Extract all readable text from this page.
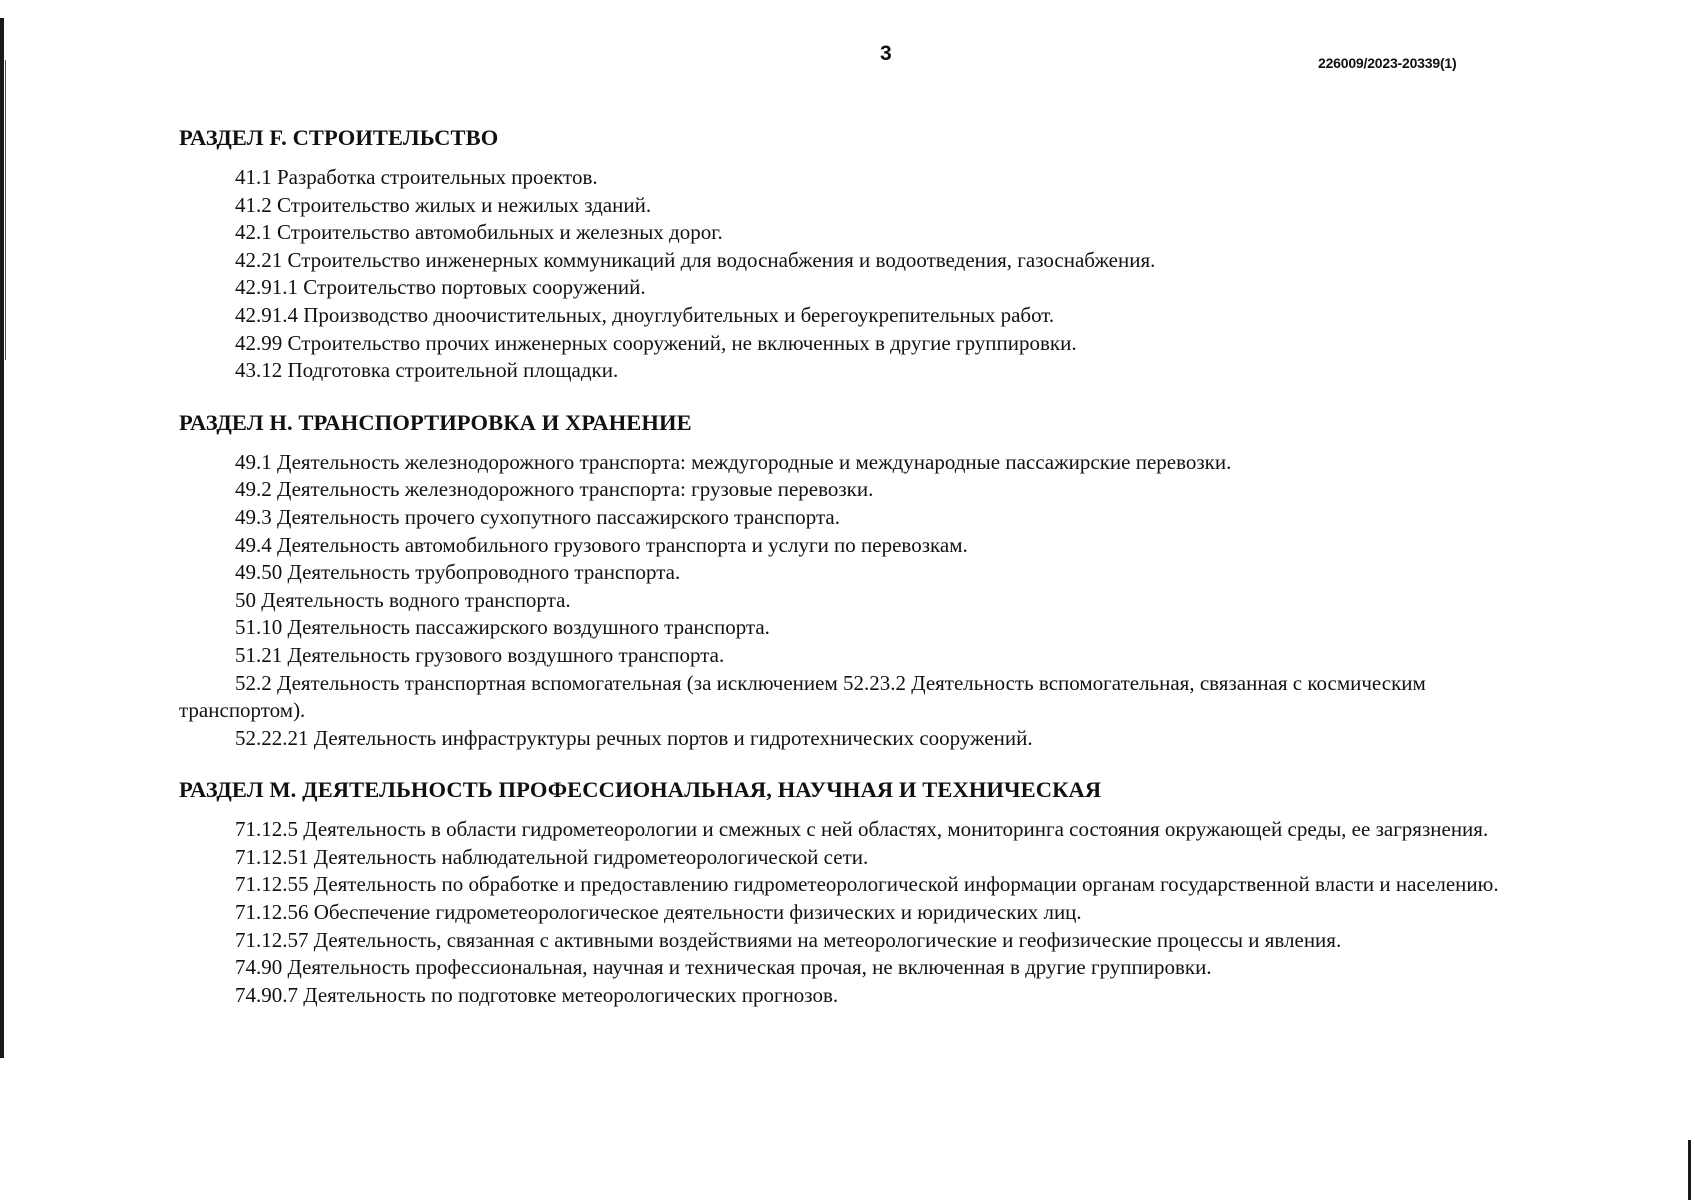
3	226009/2023-20339(1)
РАЗДЕЛ F. СТРОИТЕЛЬСТВО
41.1 Разработка строительных проектов.
41.2 Строительство жилых и нежилых зданий.
42.1 Строительство автомобильных и железных дорог.
42.21 Строительство инженерных коммуникаций для водоснабжения и водоотведения, газоснабжения.
42.91.1 Строительство портовых сооружений.
42.91.4 Производство дноочистительных, дноуглубительных и берегоукрепительных работ.
42.99 Строительство прочих инженерных сооружений, не включенных в другие группировки.
43.12 Подготовка строительной площадки.
РАЗДЕЛ Н. ТРАНСПОРТИРОВКА И ХРАНЕНИЕ
49.1 Деятельность железнодорожного транспорта: междугородные и международные пассажирские перевозки.
49.2 Деятельность железнодорожного транспорта: грузовые перевозки.
49.3 Деятельность прочего сухопутного пассажирского транспорта.
49.4 Деятельность автомобильного грузового транспорта и услуги по перевозкам.
49.50 Деятельность трубопроводного транспорта.
50 Деятельность водного транспорта.
51.10 Деятельность пассажирского воздушного транспорта.
51.21 Деятельность грузового воздушного транспорта.
52.2 Деятельность транспортная вспомогательная (за исключением 52.23.2 Деятельность вспомогательная, связанная с космическим транспортом).
52.22.21 Деятельность инфраструктуры речных портов и гидротехнических сооружений.
РАЗДЕЛ М. ДЕЯТЕЛЬНОСТЬ ПРОФЕССИОНАЛЬНАЯ, НАУЧНАЯ И ТЕХНИЧЕСКАЯ
71.12.5 Деятельность в области гидрометеорологии и смежных с ней областях, мониторинга состояния окружающей среды, ее загрязнения.
71.12.51 Деятельность наблюдательной гидрометеорологической сети.
71.12.55 Деятельность по обработке и предоставлению гидрометеорологической информации органам государственной власти и населению.
71.12.56 Обеспечение гидрометеорологическое деятельности физических и юридических лиц.
71.12.57 Деятельность, связанная с активными воздействиями на метеорологические и геофизические процессы и явления.
74.90 Деятельность профессиональная, научная и техническая прочая, не включенная в другие группировки.
74.90.7 Деятельность по подготовке метеорологических прогнозов.
